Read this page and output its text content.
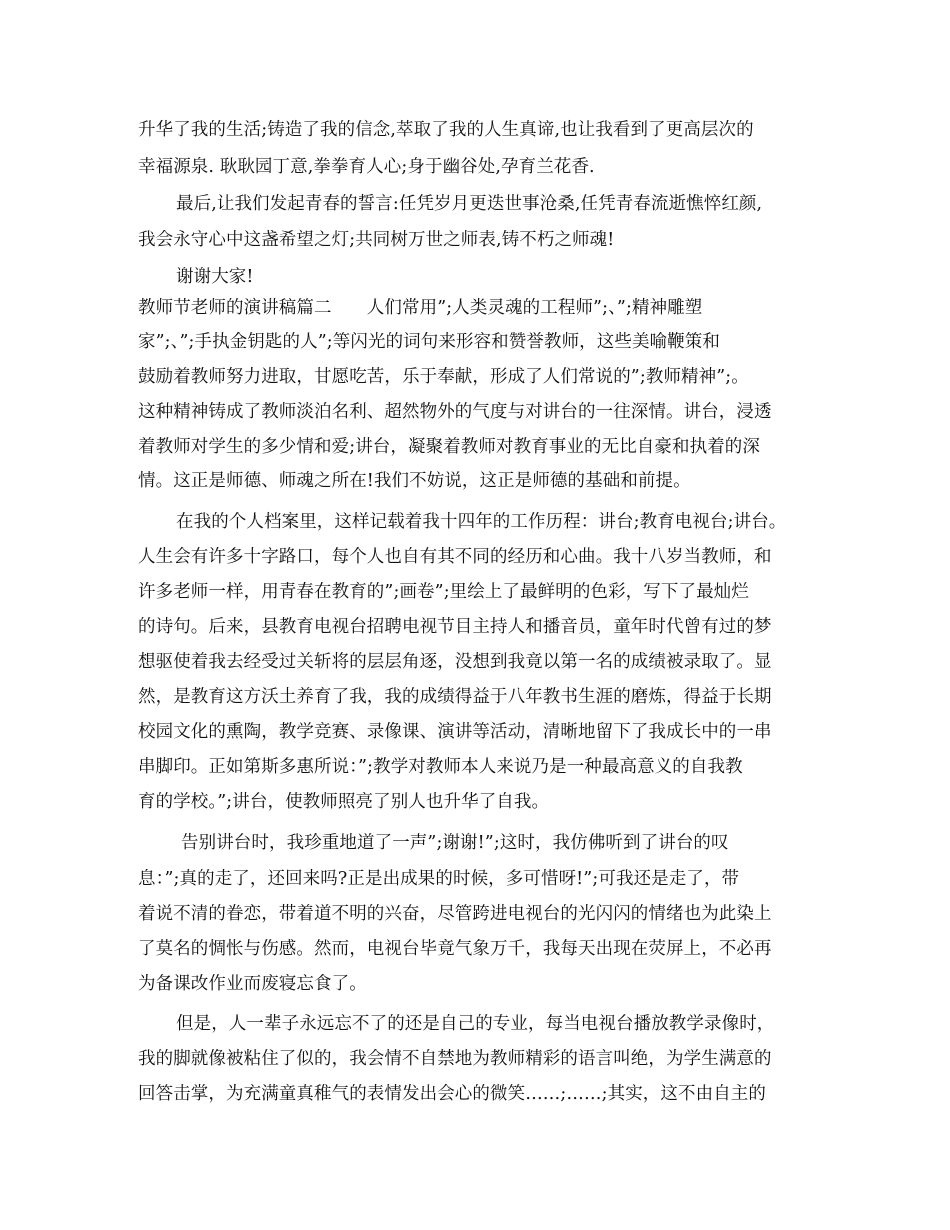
升华了我的生活;铸造了我的信念,萃取了我的人生真谛,也让我看到了更高层次的
幸福源泉. 耿耿园丁意,拳拳育人心;身于幽谷处,孕育兰花香.
最后,让我们发起青春的誓言:任凭岁月更迭世事沧桑,任凭青春流逝憔悴红颜,
我会永守心中这盏希望之灯;共同树万世之师表,铸不朽之师魂!
谢谢大家!
教师节老师的演讲稿篇二　　人们常用”;人类灵魂的工程师”;、”;精神雕塑
家”;、”;手执金钥匙的人”;等闪光的词句来形容和赞誉教师，这些美喻鞭策和
鼓励着教师努力进取，甘愿吃苦，乐于奉献，形成了人们常说的”;教师精神”;。
这种精神铸成了教师淡泊名利、超然物外的气度与对讲台的一往深情。讲台，浸透
着教师对学生的多少情和爱;讲台，凝聚着教师对教育事业的无比自豪和执着的深
情。这正是师德、师魂之所在!我们不妨说，这正是师德的基础和前提。
在我的个人档案里，这样记载着我十四年的工作历程：讲台;教育电视台;讲台。
人生会有许多十字路口，每个人也自有其不同的经历和心曲。我十八岁当教师，和
许多老师一样，用青春在教育的”;画卷”;里绘上了最鲜明的色彩，写下了最灿烂
的诗句。后来，县教育电视台招聘电视节目主持人和播音员，童年时代曾有过的梦
想驱使着我去经受过关斩将的层层角逐，没想到我竟以第一名的成绩被录取了。显
然，是教育这方沃土养育了我，我的成绩得益于八年教书生涯的磨炼，得益于长期
校园文化的熏陶，教学竞赛、录像课、演讲等活动，清晰地留下了我成长中的一串
串脚印。正如第斯多惠所说：”;教学对教师本人来说乃是一种最高意义的自我教
育的学校。”;讲台，使教师照亮了别人也升华了自我。
告别讲台时，我珍重地道了一声”;谢谢!”;这时，我仿佛听到了讲台的叹
息：”;真的走了，还回来吗?正是出成果的时候，多可惜呀!”;可我还是走了，带
着说不清的眷恋，带着道不明的兴奋，尽管跨进电视台的光闪闪的情绪也为此染上
了莫名的惆怅与伤感。然而，电视台毕竟气象万千，我每天出现在荧屏上，不必再
为备课改作业而废寝忘食了。
但是，人一辈子永远忘不了的还是自己的专业，每当电视台播放教学录像时，
我的脚就像被粘住了似的，我会情不自禁地为教师精彩的语言叫绝，为学生满意的
回答击掌，为充满童真稚气的表情发出会心的微笑……;……;其实，这不由自主的
